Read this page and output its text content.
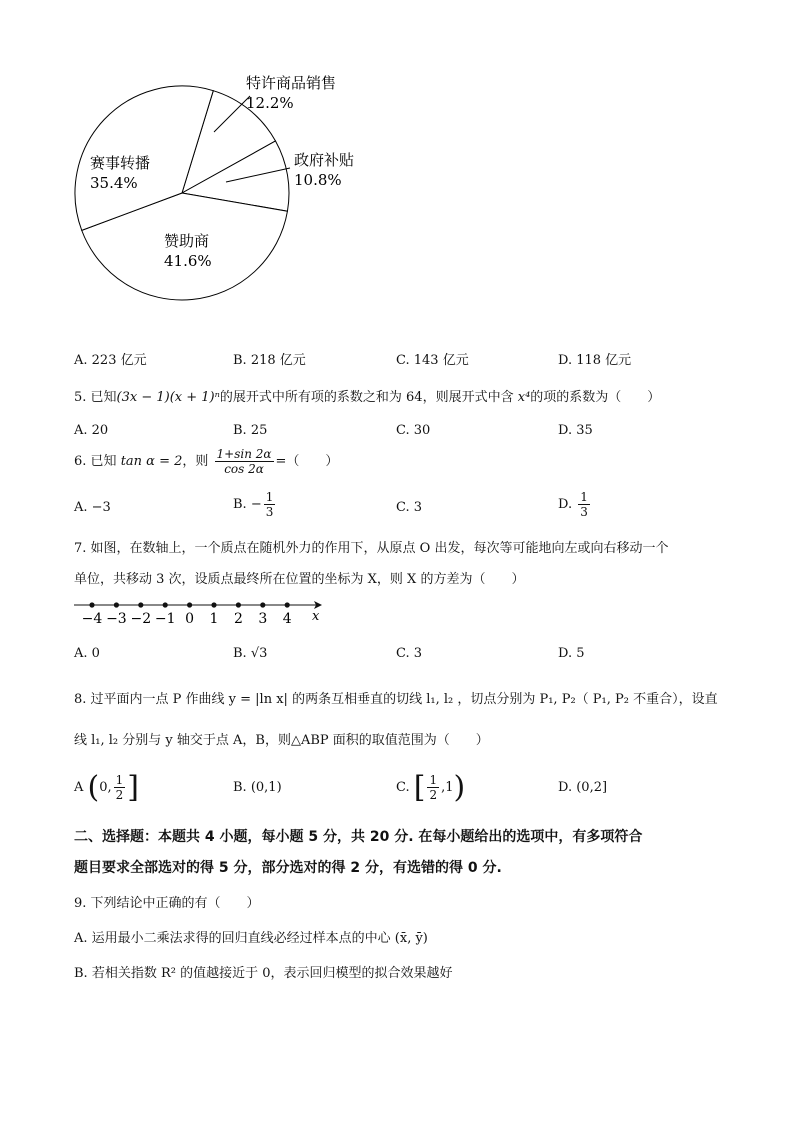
特许商品销售
12.2%
政府补贴
10.8%
赞助商
41.6%
赛事转播
35.4%
A. 223 亿元	B. 218 亿元	C. 143 亿元	D. 118 亿元
5. 已知(3x − 1)(x + 1)ⁿ的展开式中所有项的系数之和为 64，则展开式中含 x⁴的项的系数为（　　）
A. 20	B. 25	C. 30	D. 35
6. 已知 tan α = 2，则 $\frac{1+\sin 2\alpha}{\cos 2\alpha}$ =（　　）
A. −3	B. − $\frac{1}{3}$	C. 3	D. $\frac{1}{3}$
7. 如图，在数轴上，一个质点在随机外力的作用下，从原点 O 出发，每次等可能地向左或向右移动一个
单位，共移动 3 次，设质点最终所在位置的坐标为 X，则 X 的方差为（　　）
−4 −3 −2 −1 0 1 2 3 4 x
A. 0	B. √3	C. 3	D. 5
8. 过平面内一点 P 作曲线 y = |ln x| 的两条互相垂直的切线 l₁, l₂ ，切点分别为 P₁, P₂（ P₁, P₂ 不重合），设直
线 l₁, l₂ 分别与 y 轴交于点 A，B，则△ABP 面积的取值范围为（　　）
A (0, $\frac{1}{2}$ ]	B. (0,1)	C. [ $\frac{1}{2} ,1$)	D. (0,2]
二、选择题：本题共 4 小题，每小题 5 分，共 20 分. 在每小题给出的选项中，有多项符合
题目要求全部选对的得 5 分，部分选对的得 2 分，有选错的得 0 分.
9. 下列结论中正确的有（　　）
A. 运用最小二乘法求得的回归直线必经过样本点的中心 (x̄, ȳ)
B. 若相关指数 R² 的值越接近于 0，表示回归模型的拟合效果越好
